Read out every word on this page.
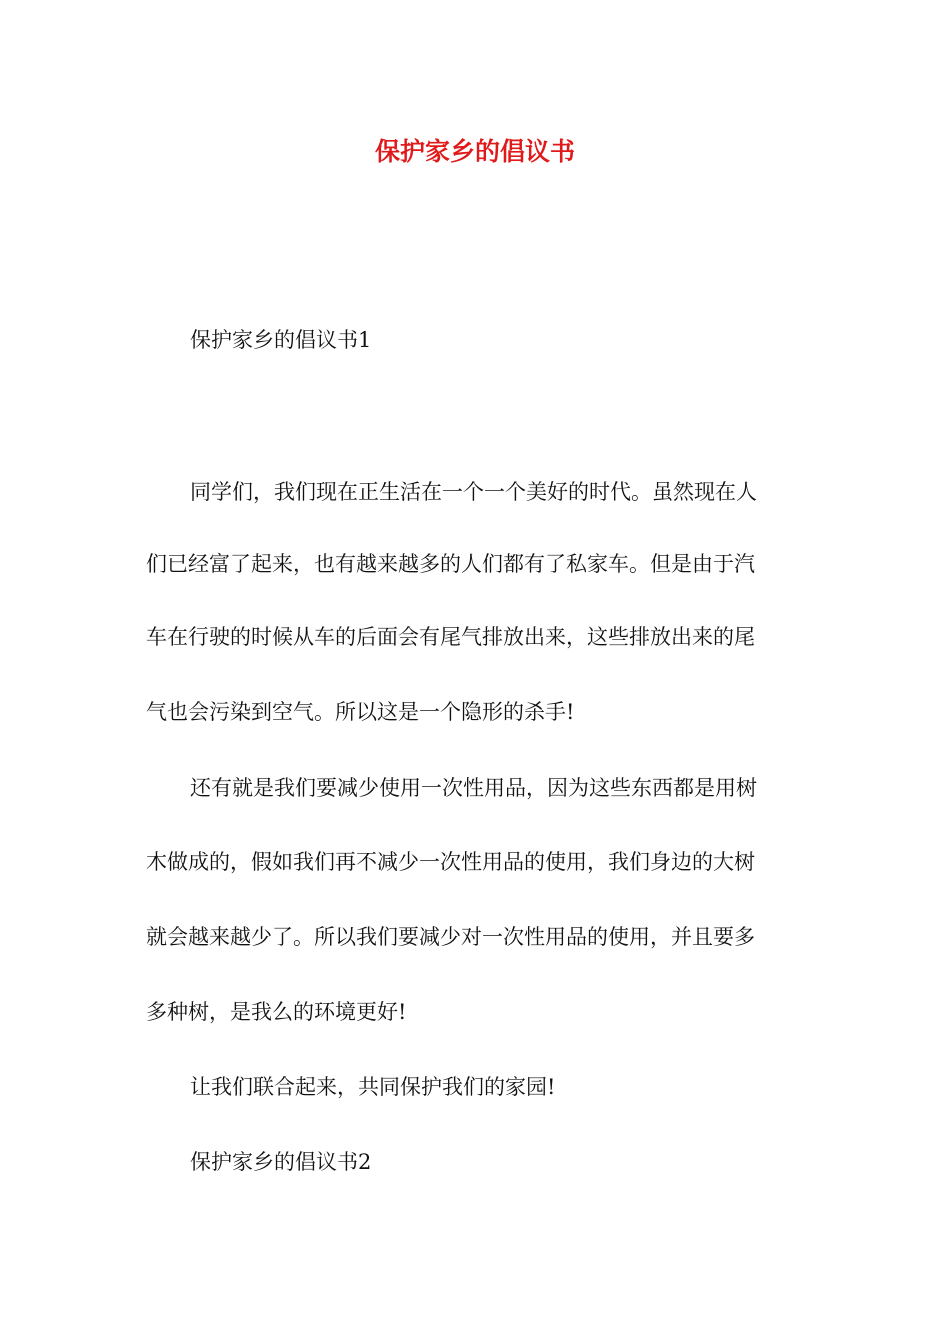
保护家乡的倡议书

保护家乡的倡议书1

同学们，我们现在正生活在一个一个美好的时代。虽然现在人

们已经富了起来，也有越来越多的人们都有了私家车。但是由于汽

车在行驶的时候从车的后面会有尾气排放出来，这些排放出来的尾

气也会污染到空气。所以这是一个隐形的杀手!

还有就是我们要减少使用一次性用品，因为这些东西都是用树

木做成的，假如我们再不减少一次性用品的使用，我们身边的大树

就会越来越少了。所以我们要减少对一次性用品的使用，并且要多

多种树，是我么的环境更好!

让我们联合起来，共同保护我们的家园!

保护家乡的倡议书2
